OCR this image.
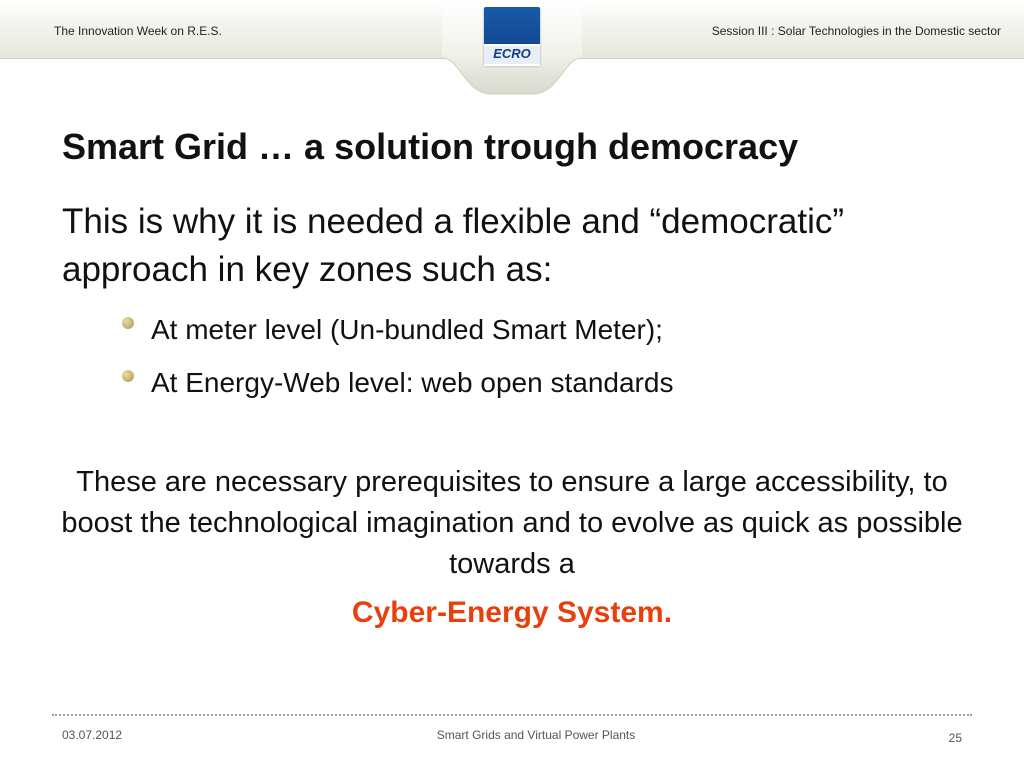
The Innovation Week on R.E.S.	Session III : Solar Technologies in the Domestic sector
ECRO
Smart Grid … a solution trough democracy
This is why it is needed a flexible and “democratic” approach in key zones such as:
At meter level (Un-bundled Smart Meter);
At Energy-Web level: web open standards
These are necessary prerequisites to ensure a large accessibility, to boost the technological imagination and to evolve as quick as possible towards a
Cyber-Energy System.
03.07.2012	Smart Grids and Virtual Power Plants	25
